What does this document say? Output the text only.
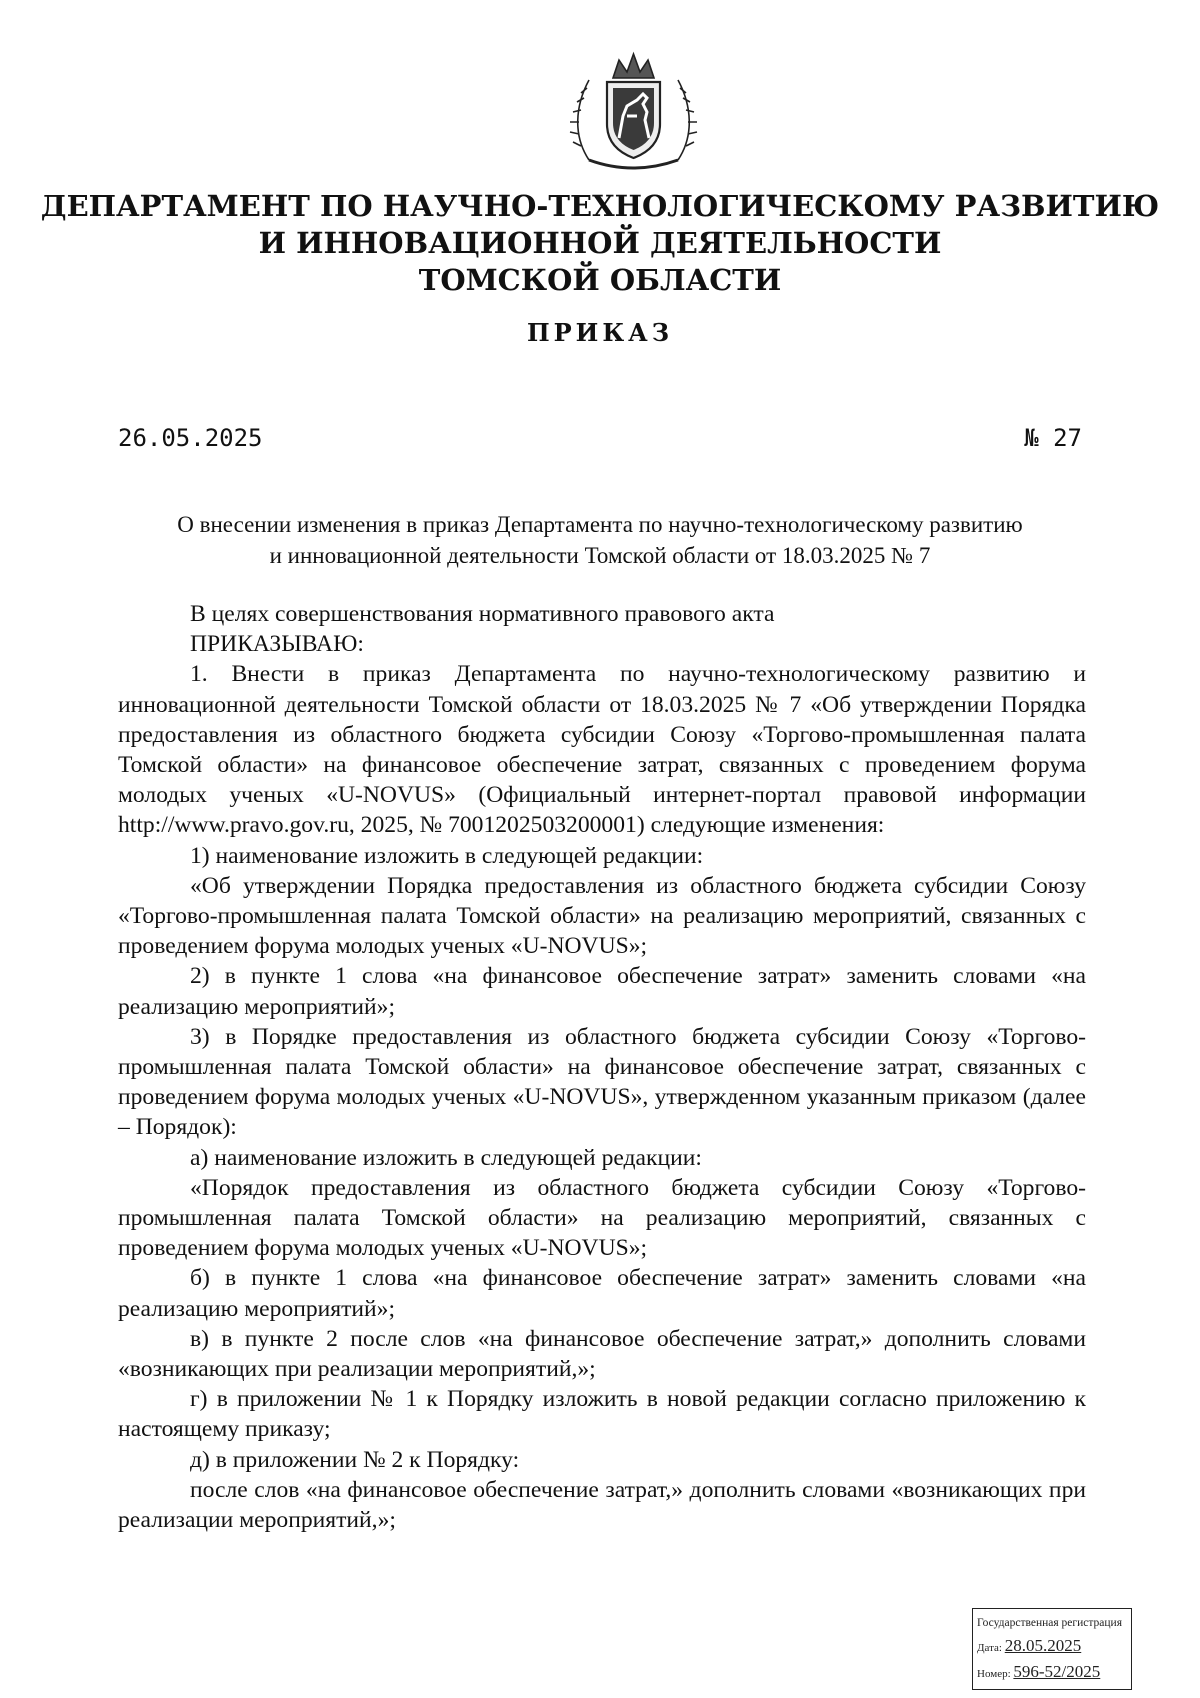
ДЕПАРТАМЕНТ ПО НАУЧНО-ТЕХНОЛОГИЧЕСКОМУ РАЗВИТИЮ
И ИННОВАЦИОННОЙ ДЕЯТЕЛЬНОСТИ
ТОМСКОЙ ОБЛАСТИ
ПРИКАЗ
26.05.2025	№ 27
О внесении изменения в приказ Департамента по научно-технологическому развитию
и инновационной деятельности Томской области от 18.03.2025 № 7

В целях совершенствования нормативного правового акта

ПРИКАЗЫВАЮ:

1. Внести в приказ Департамента по научно-технологическому развитию и инновационной деятельности Томской области от 18.03.2025 № 7 «Об утверждении Порядка предоставления из областного бюджета субсидии Союзу «Торгово-промышленная палата Томской области» на финансовое обеспечение затрат, связанных с проведением форума молодых ученых «U-NOVUS» (Официальный интернет-портал правовой информации http://www.pravo.gov.ru, 2025, № 7001202503200001) следующие изменения:

1) наименование изложить в следующей редакции:

«Об утверждении Порядка предоставления из областного бюджета субсидии Союзу «Торгово-промышленная палата Томской области» на реализацию мероприятий, связанных с проведением форума молодых ученых «U-NOVUS»;

2) в пункте 1 слова «на финансовое обеспечение затрат» заменить словами «на реализацию мероприятий»;

3) в Порядке предоставления из областного бюджета субсидии Союзу «Торгово-промышленная палата Томской области» на финансовое обеспечение затрат, связанных с проведением форума молодых ученых «U-NOVUS», утвержденном указанным приказом (далее – Порядок):

а) наименование изложить в следующей редакции:

«Порядок предоставления из областного бюджета субсидии Союзу «Торгово-промышленная палата Томской области» на реализацию мероприятий, связанных с проведением форума молодых ученых «U-NOVUS»;

б) в пункте 1 слова «на финансовое обеспечение затрат» заменить словами «на реализацию мероприятий»;

в) в пункте 2 после слов «на финансовое обеспечение затрат,» дополнить словами «возникающих при реализации мероприятий,»;

г) в приложении № 1 к Порядку изложить в новой редакции согласно приложению к настоящему приказу;

д) в приложении № 2 к Порядку:

после слов «на финансовое обеспечение затрат,» дополнить словами «возникающих при реализации мероприятий,»;

Государственная регистрация
Дата: 28.05.2025
Номер: 596-52/2025
